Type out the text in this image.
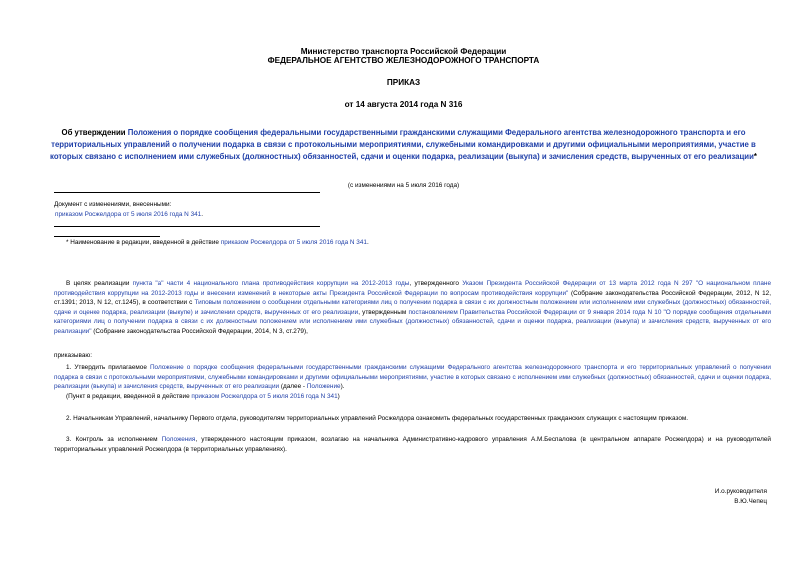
Министерство транспорта Российской Федерации

ФЕДЕРАЛЬНОЕ АГЕНТСТВО ЖЕЛЕЗНОДОРОЖНОГО ТРАНСПОРТА

ПРИКАЗ
от 14 августа 2014 года N 316
Об утверждении Положения о порядке сообщения федеральными государственными гражданскими служащими Федерального агентства железнодорожного транспорта и его территориальных управлений о получении подарка в связи с протокольными мероприятиями, служебными командировками и другими официальными мероприятиями, участие в которых связано с исполнением ими служебных (должностных) обязанностей, сдачи и оценки подарка, реализации (выкупа) и зачисления средств, вырученных от его реализации*
(с изменениями на 5 июля 2016 года)

Документ с изменениями, внесенными:

приказом Росжелдора от 5 июля 2016 года N 341.

* Наименование в редакции, введенной в действие приказом Росжелдора от 5 июля 2016 года N 341.
В целях реализации пункта "а" части 4 национального плана противодействия коррупции на 2012-2013 годы, утвержденного Указом Президента Российской Федерации от 13 марта 2012 года N 297 "О национальном плане противодействия коррупции на 2012-2013 годы и внесении изменений в некоторые акты Президента Российской Федерации по вопросам противодействия коррупции" (Собрание законодательства Российской Федерации, 2012, N 12, ст.1391; 2013, N 12, ст.1245), в соответствии с Типовым положением о сообщении отдельными категориями лиц о получении подарка в связи с их должностным положением или исполнением ими служебных (должностных) обязанностей, сдаче и оценке подарка, реализации (выкупе) и зачислении средств, вырученных от его реализации, утвержденным постановлением Правительства Российской Федерации от 9 января 2014 года N 10 "О порядке сообщения отдельными категориями лиц о получении подарка в связи с их должностным положением или исполнением ими служебных (должностных) обязанностей, сдачи и оценки подарка, реализации (выкупа) и зачисления средств, вырученных от его реализации" (Собрание законодательства Российской Федерации, 2014, N 3, ст.279),
приказываю:
1. Утвердить прилагаемое Положение о порядке сообщения федеральными государственными гражданскими служащими Федерального агентства железнодорожного транспорта и его территориальных управлений о получении подарка в связи с протокольными мероприятиями, служебными командировками и другими официальными мероприятиями, участие в которых связано с исполнением ими служебных (должностных) обязанностей, сдачи и оценки подарка, реализации (выкупа) и зачисления средств, вырученных от его реализации (далее - Положение).
(Пункт в редакции, введенной в действие приказом Росжелдора от 5 июля 2016 года N 341)
2. Начальникам Управлений, начальнику Первого отдела, руководителям территориальных управлений Росжелдора ознакомить федеральных государственных гражданских служащих с настоящим приказом.
3. Контроль за исполнением Положения, утвержденного настоящим приказом, возлагаю на начальника Административно-кадрового управления А.М.Беспалова (в центральном аппарате Росжелдора) и на руководителей территориальных управлений Росжелдора (в территориальных управлениях).

И.о.руководителя

В.Ю.Чепец
